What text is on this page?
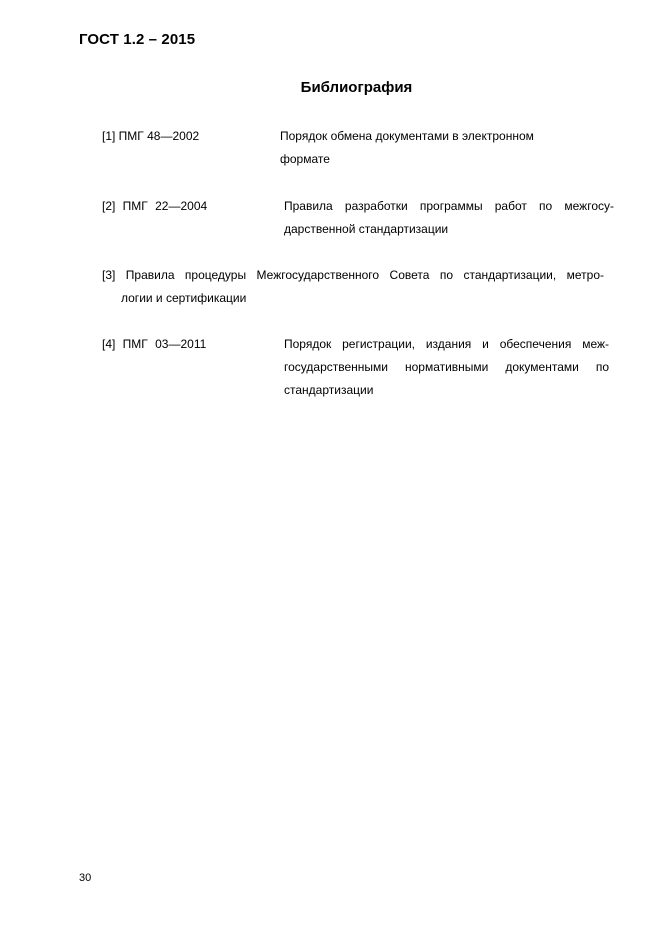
ГОСТ 1.2 – 2015
Библиография
[1] ПМГ 48—2002	Порядок обмена документами в электронном
формате
[2] ПМГ 22—2004	Правила разработки программы работ по межгосу-
дарственной стандартизации
[3] Правила процедуры Межгосударственного Совета по стандартизации, метро-
логии и сертификации
[4] ПМГ 03—2011	Порядок регистрации, издания и обеспечения меж-
государственными нормативными документами по
стандартизации
30
